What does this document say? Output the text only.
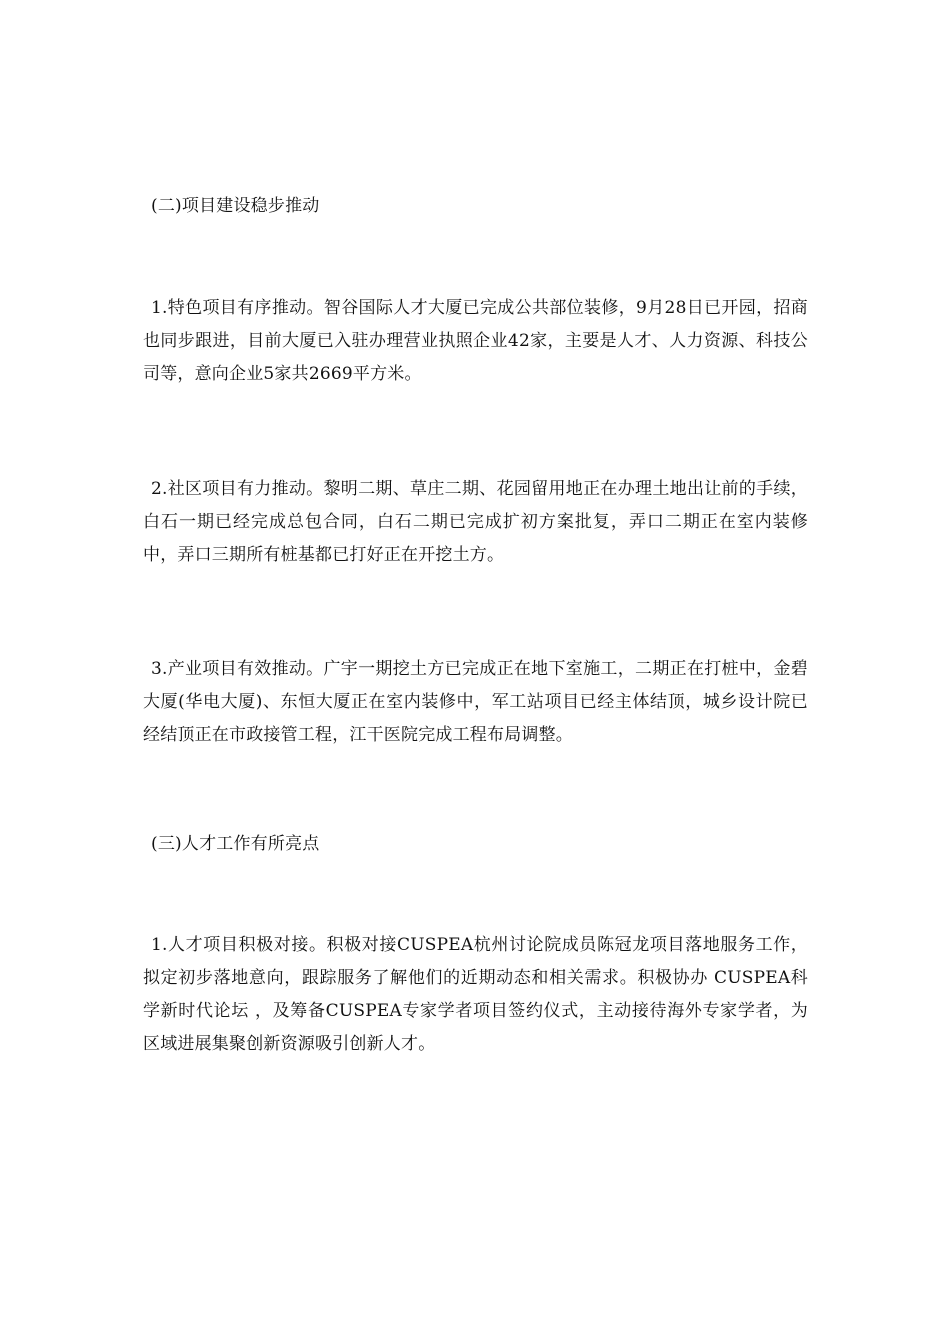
(二)项目建设稳步推动
1.特色项目有序推动。智谷国际人才大厦已完成公共部位装修，9月28日已开园，招商也同步跟进，目前大厦已入驻办理营业执照企业42家，主要是人才、人力资源、科技公司等，意向企业5家共2669平方米。
2.社区项目有力推动。黎明二期、草庄二期、花园留用地正在办理土地出让前的手续，白石一期已经完成总包合同，白石二期已完成扩初方案批复，弄口二期正在室内装修中，弄口三期所有桩基都已打好正在开挖土方。
3.产业项目有效推动。广宇一期挖土方已完成正在地下室施工，二期正在打桩中，金碧大厦(华电大厦)、东恒大厦正在室内装修中，军工站项目已经主体结顶，城乡设计院已经结顶正在市政接管工程，江干医院完成工程布局调整。
(三)人才工作有所亮点
1.人才项目积极对接。积极对接CUSPEA杭州讨论院成员陈冠龙项目落地服务工作，拟定初步落地意向，跟踪服务了解他们的近期动态和相关需求。积极协办 CUSPEA科学新时代论坛 ，及筹备CUSPEA专家学者项目签约仪式，主动接待海外专家学者，为区域进展集聚创新资源吸引创新人才。
